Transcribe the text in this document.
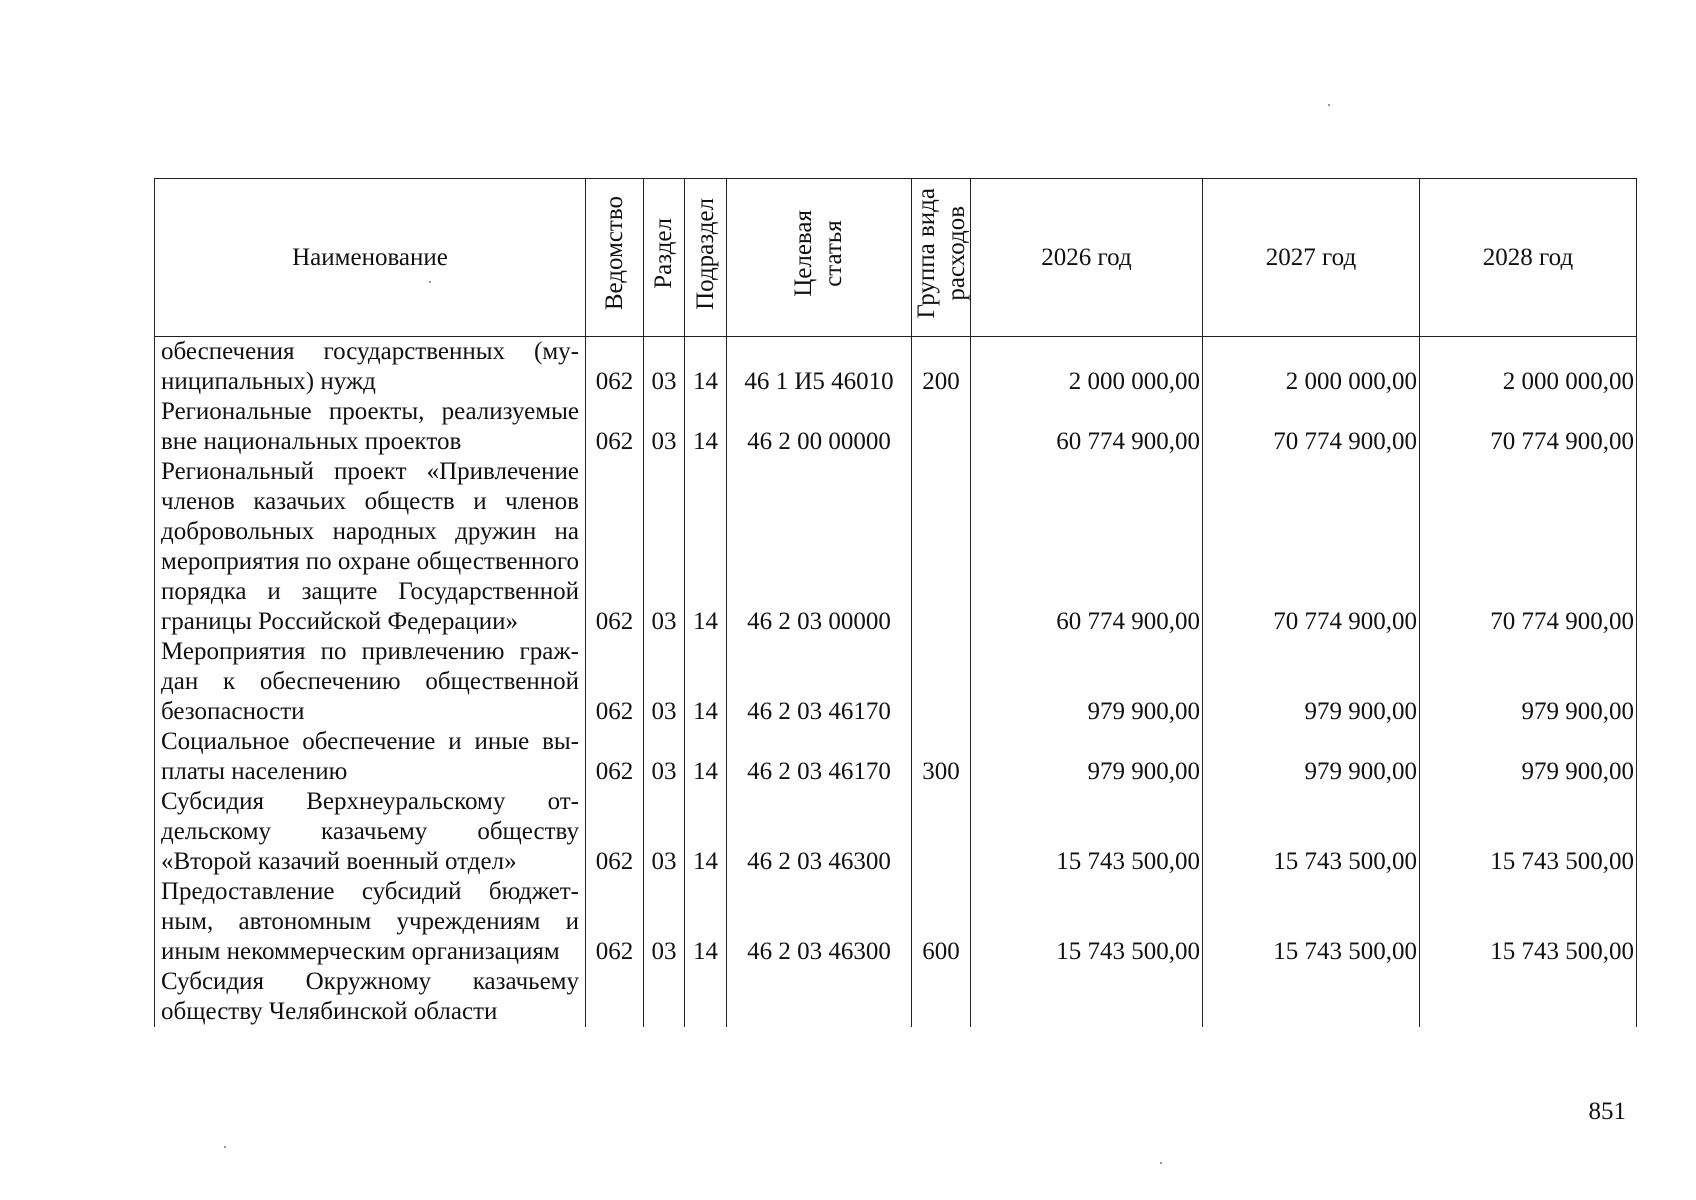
Наименование	Ведомство	Раздел	Подраздел	Целевая статья	Группа вида расходов	2026 год	2027 год	2028 год
обеспечения государственных (муниципальных) нужд	062	03	14	46 1 И5 46010	200	2 000 000,00	2 000 000,00	2 000 000,00
Региональные проекты, реализуемые вне национальных проектов	062	03	14	46 2 00 00000		60 774 900,00	70 774 900,00	70 774 900,00
Региональный проект «Привлечение членов казачьих обществ и членов добровольных народных дружин на мероприятия по охране общественного порядка и защите Государственной границы Российской Федерации»	062	03	14	46 2 03 00000		60 774 900,00	70 774 900,00	70 774 900,00
Мероприятия по привлечению граждан к обеспечению общественной безопасности	062	03	14	46 2 03 46170		979 900,00	979 900,00	979 900,00
Социальное обеспечение и иные выплаты населению	062	03	14	46 2 03 46170	300	979 900,00	979 900,00	979 900,00
Субсидия Верхнеуральскому отдельскому казачьему обществу «Второй казачий военный отдел»	062	03	14	46 2 03 46300		15 743 500,00	15 743 500,00	15 743 500,00
Предоставление субсидий бюджетным, автономным учреждениям и иным некоммерческим организациям	062	03	14	46 2 03 46300	600	15 743 500,00	15 743 500,00	15 743 500,00
Субсидия Окружному казачьему обществу Челябинской области								
851
